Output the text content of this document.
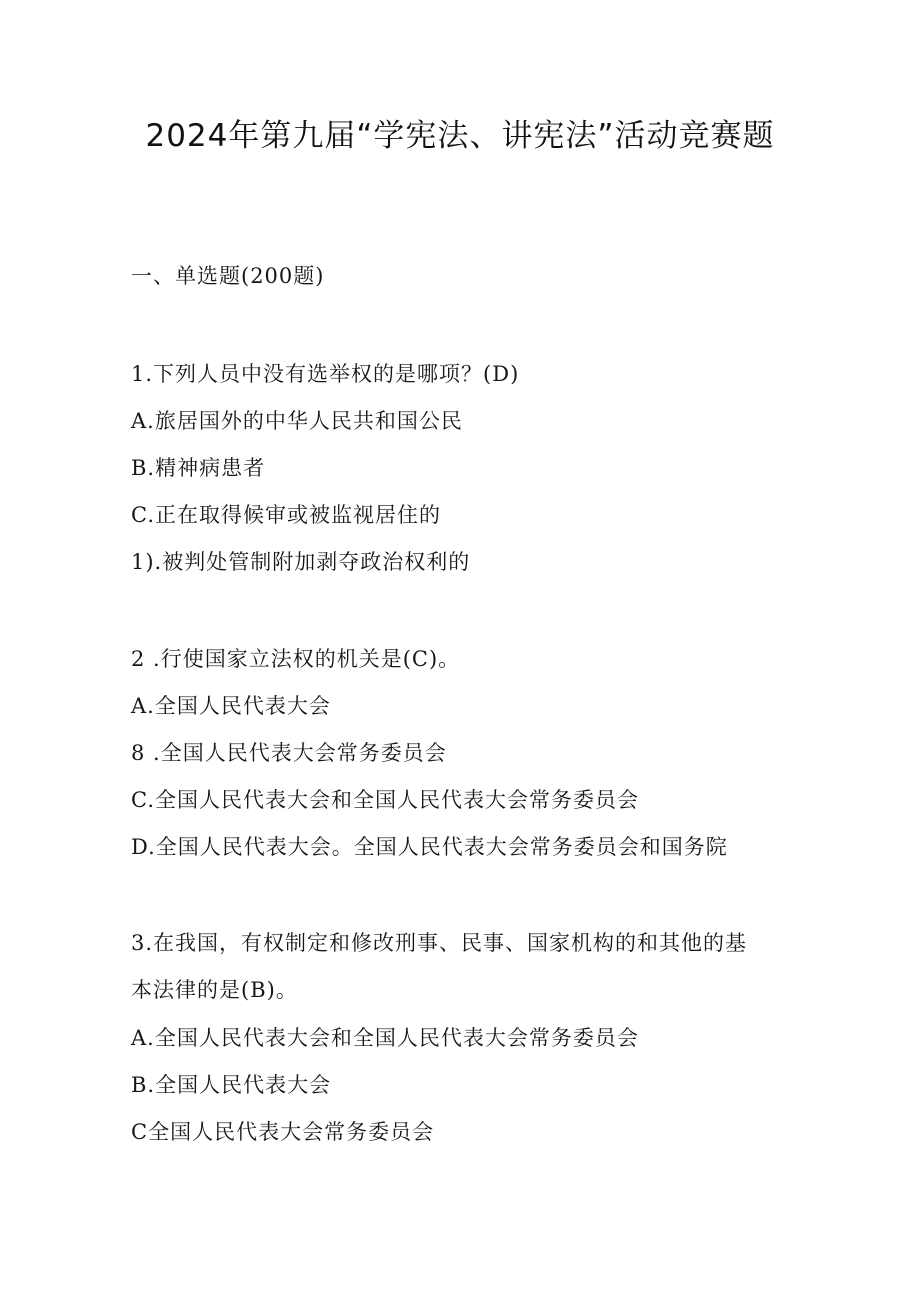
2024年第九届“学宪法、讲宪法”活动竞赛题
一、单选题(200题)
1.下列人员中没有选举权的是哪项？(D)
A.旅居国外的中华人民共和国公民
B.精神病患者
C.正在取得候审或被监视居住的
1).被判处管制附加剥夺政治权利的
2 .行使国家立法权的机关是(C)。
A.全国人民代表大会
8 .全国人民代表大会常务委员会
C.全国人民代表大会和全国人民代表大会常务委员会
D.全国人民代表大会。全国人民代表大会常务委员会和国务院
3.在我国，有权制定和修改刑事、民事、国家机构的和其他的基
本法律的是(B)。
A.全国人民代表大会和全国人民代表大会常务委员会
B.全国人民代表大会
C全国人民代表大会常务委员会
